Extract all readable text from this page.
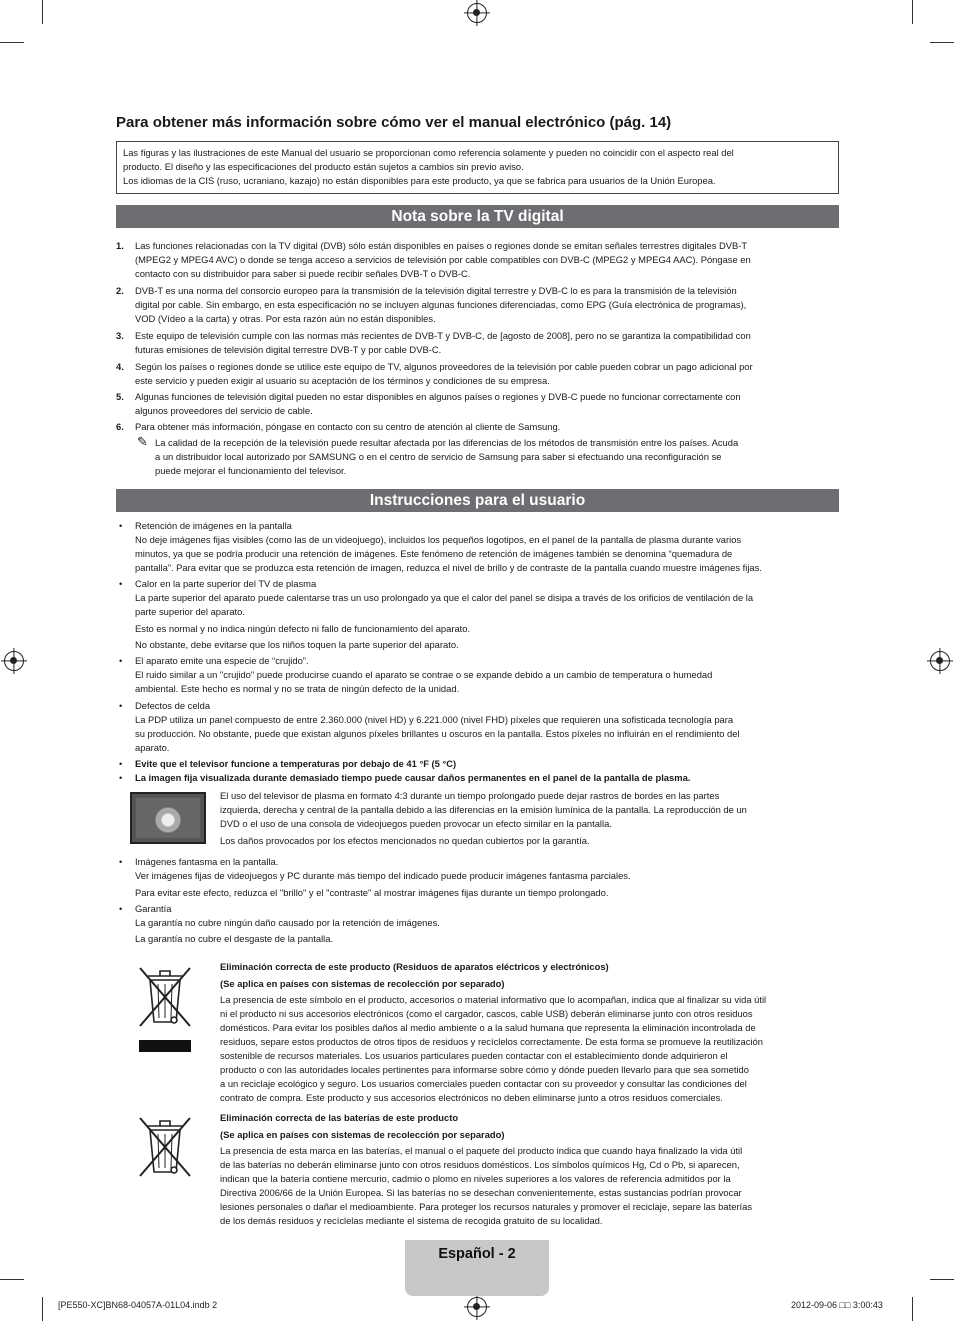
Para obtener más información sobre cómo ver el manual electrónico (pág. 14)
Las figuras y las ilustraciones de este Manual del usuario se proporcionan como referencia solamente y pueden no coincidir con el aspecto real del
producto. El diseño y las especificaciones del producto están sujetos a cambios sin previo aviso.
Los idiomas de la CIS (ruso, ucraniano, kazajo) no están disponibles para este producto, ya que se fabrica para usuarios de la Unión Europea.
Nota sobre la TV digital
1. Las funciones relacionadas con la TV digital (DVB) sólo están disponibles en países o regiones donde se emitan señales terrestres digitales DVB-T
(MPEG2 y MPEG4 AVC) o donde se tenga acceso a servicios de televisión por cable compatibles con DVB-C (MPEG2 y MPEG4 AAC). Póngase en
contacto con su distribuidor para saber si puede recibir señales DVB-T o DVB-C.
2. DVB-T es una norma del consorcio europeo para la transmisión de la televisión digital terrestre y DVB-C lo es para la transmisión de la televisión
digital por cable. Sin embargo, en esta especificación no se incluyen algunas funciones diferenciadas, como EPG (Guía electrónica de programas),
VOD (Vídeo a la carta) y otras. Por esta razón aún no están disponibles.
3. Este equipo de televisión cumple con las normas más recientes de DVB-T y DVB-C, de [agosto de 2008], pero no se garantiza la compatibilidad con
futuras emisiones de televisión digital terrestre DVB-T y por cable DVB-C.
4. Según los países o regiones donde se utilice este equipo de TV, algunos proveedores de la televisión por cable pueden cobrar un pago adicional por
este servicio y pueden exigir al usuario su aceptación de los términos y condiciones de su empresa.
5. Algunas funciones de televisión digital pueden no estar disponibles en algunos países o regiones y DVB-C puede no funcionar correctamente con
algunos proveedores del servicio de cable.
6. Para obtener más información, póngase en contacto con su centro de atención al cliente de Samsung.
✎ La calidad de la recepción de la televisión puede resultar afectada por las diferencias de los métodos de transmisión entre los países. Acuda
a un distribuidor local autorizado por SAMSUNG o en el centro de servicio de Samsung para saber si efectuando una reconfiguración se
puede mejorar el funcionamiento del televisor.
Instrucciones para el usuario
• Retención de imágenes en la pantalla
No deje imágenes fijas visibles (como las de un videojuego), incluidos los pequeños logotipos, en el panel de la pantalla de plasma durante varios
minutos, ya que se podría producir una retención de imágenes. Este fenómeno de retención de imágenes también se denomina “quemadura de
pantalla”. Para evitar que se produzca esta retención de imagen, reduzca el nivel de brillo y de contraste de la pantalla cuando muestre imágenes fijas.
• Calor en la parte superior del TV de plasma
La parte superior del aparato puede calentarse tras un uso prolongado ya que el calor del panel se disipa a través de los orificios de ventilación de la
parte superior del aparato.
Esto es normal y no indica ningún defecto ni fallo de funcionamiento del aparato.
No obstante, debe evitarse que los niños toquen la parte superior del aparato.
• El aparato emite una especie de “crujido”.
El ruido similar a un "crujido" puede producirse cuando el aparato se contrae o se expande debido a un cambio de temperatura o humedad
ambiental. Este hecho es normal y no se trata de ningún defecto de la unidad.
• Defectos de celda
La PDP utiliza un panel compuesto de entre 2.360.000 (nivel HD) y 6.221.000 (nivel FHD) píxeles que requieren una sofisticada tecnología para
su producción. No obstante, puede que existan algunos píxeles brillantes u oscuros en la pantalla. Estos píxeles no influirán en el rendimiento del
aparato.
• Evite que el televisor funcione a temperaturas por debajo de 41 °F (5 °C)
• La imagen fija visualizada durante demasiado tiempo puede causar daños permanentes en el panel de la pantalla de plasma.
El uso del televisor de plasma en formato 4:3 durante un tiempo prolongado puede dejar rastros de bordes en las partes
izquierda, derecha y central de la pantalla debido a las diferencias en la emisión lumínica de la pantalla. La reproducción de un
DVD o el uso de una consola de videojuegos pueden provocar un efecto similar en la pantalla.
Los daños provocados por los efectos mencionados no quedan cubiertos por la garantía.
• Imágenes fantasma en la pantalla.
Ver imágenes fijas de videojuegos y PC durante más tiempo del indicado puede producir imágenes fantasma parciales.
Para evitar este efecto, reduzca el "brillo" y el "contraste" al mostrar imágenes fijas durante un tiempo prolongado.
• Garantía
La garantía no cubre ningún daño causado por la retención de imágenes.
La garantía no cubre el desgaste de la pantalla.
Eliminación correcta de este producto (Residuos de aparatos eléctricos y electrónicos)
(Se aplica en países con sistemas de recolección por separado)
La presencia de este símbolo en el producto, accesorios o material informativo que lo acompañan, indica que al finalizar su vida útil
ni el producto ni sus accesorios electrónicos (como el cargador, cascos, cable USB) deberán eliminarse junto con otros residuos
domésticos. Para evitar los posibles daños al medio ambiente o a la salud humana que representa la eliminación incontrolada de
residuos, separe estos productos de otros tipos de residuos y recíclelos correctamente. De esta forma se promueve la reutilización
sostenible de recursos materiales. Los usuarios particulares pueden contactar con el establecimiento donde adquirieron el
producto o con las autoridades locales pertinentes para informarse sobre cómo y dónde pueden llevarlo para que sea sometido
a un reciclaje ecológico y seguro. Los usuarios comerciales pueden contactar con su proveedor y consultar las condiciones del
contrato de compra. Este producto y sus accesorios electrónicos no deben eliminarse junto a otros residuos comerciales.
Eliminación correcta de las baterías de este producto
(Se aplica en países con sistemas de recolección por separado)
La presencia de esta marca en las baterías, el manual o el paquete del producto indica que cuando haya finalizado la vida útil
de las baterías no deberán eliminarse junto con otros residuos domésticos. Los símbolos químicos Hg, Cd o Pb, si aparecen,
indican que la batería contiene mercurio, cadmio o plomo en niveles superiores a los valores de referencia admitidos por la
Directiva 2006/66 de la Unión Europea. Si las baterías no se desechan convenientemente, estas sustancias podrían provocar
lesiones personales o dañar el medioambiente. Para proteger los recursos naturales y promover el reciclaje, separe las baterías
de los demás residuos y recíclelas mediante el sistema de recogida gratuito de su localidad.
Español - 2
[PE550-XC]BN68-04057A-01L04.indb 2	2012-09-06 □□ 3:00:43
